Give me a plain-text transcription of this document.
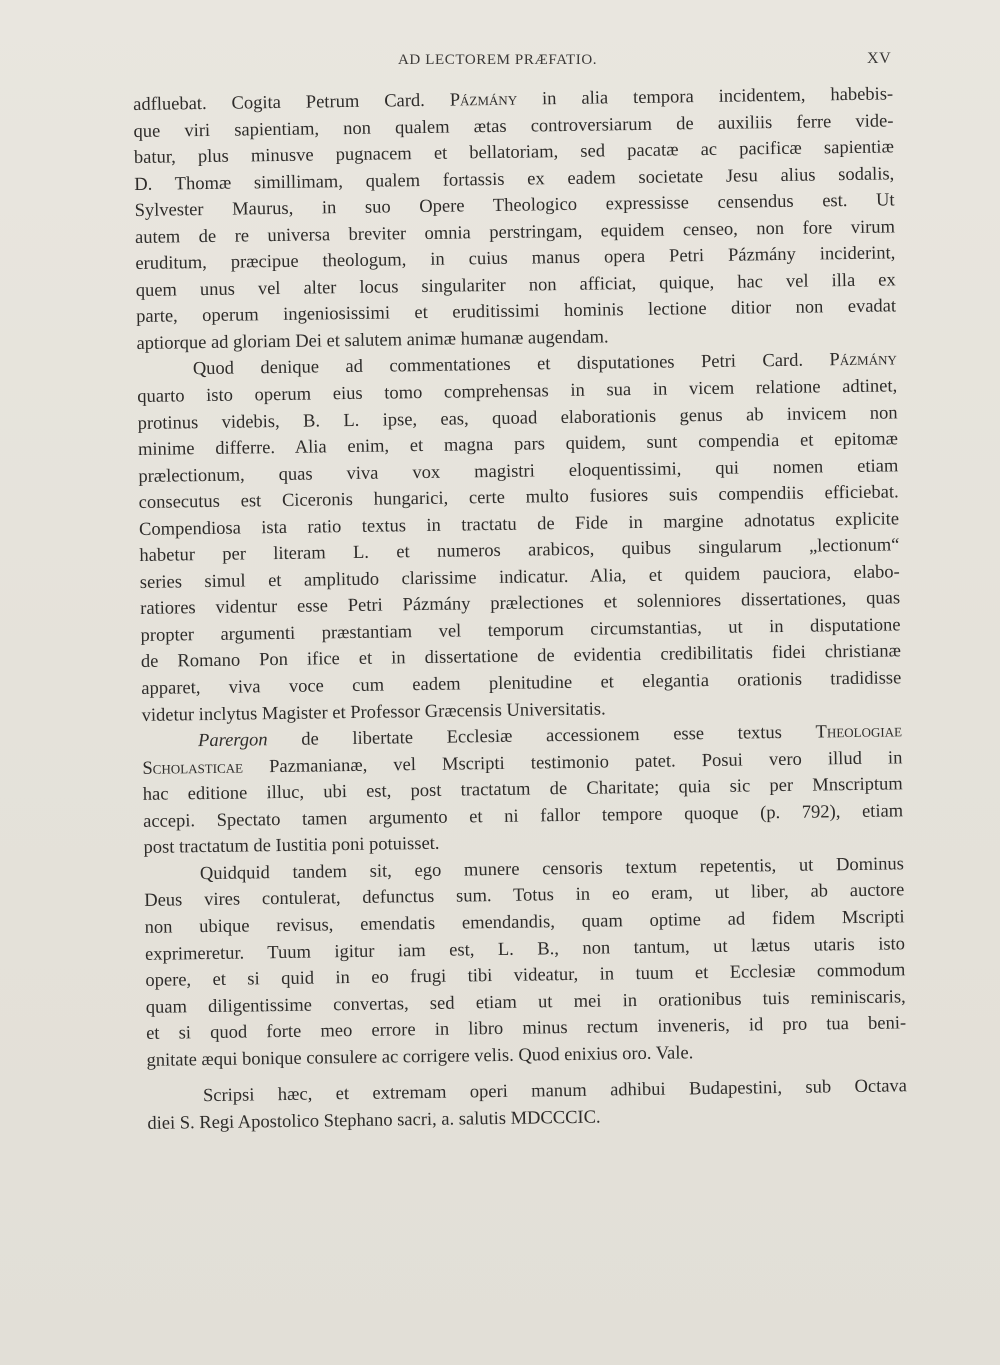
AD LECTOREM PRÆFATIO.	XV
adfluebat. Cogita Petrum Card. Pázmány in alia tempora incidentem, habebis-
que viri sapientiam, non qualem ætas controversiarum de auxiliis ferre vide-
batur, plus minusve pugnacem et bellatoriam, sed pacatæ ac pacificæ sapientiæ
D. Thomæ simillimam, qualem fortassis ex eadem societate Jesu alius sodalis,
Sylvester Maurus, in suo Opere Theologico expressisse censendus est. Ut
autem de re universa breviter omnia perstringam, equidem censeo, non fore virum
eruditum, præcipue theologum, in cuius manus opera Petri Pázmány inciderint,
quem unus vel alter locus singulariter non afficiat, quique, hac vel illa ex
parte, operum ingeniosissimi et eruditissimi hominis lectione ditior non evadat
aptiorque ad gloriam Dei et salutem animæ humanæ augendam.
Quod denique ad commentationes et disputationes Petri Card. Pázmány
quarto isto operum eius tomo comprehensas in sua in vicem relatione adtinet,
protinus videbis, B. L. ipse, eas, quoad elaborationis genus ab invicem non
minime differre. Alia enim, et magna pars quidem, sunt compendia et epitomæ
prælectionum, quas viva vox magistri eloquentissimi, qui nomen etiam
consecutus est Ciceronis hungarici, certe multo fusiores suis compendiis efficiebat.
Compendiosa ista ratio textus in tractatu de Fide in margine adnotatus explicite
habetur per literam L. et numeros arabicos, quibus singularum „lectionum“
series simul et amplitudo clarissime indicatur. Alia, et quidem pauciora, elabo-
ratiores videntur esse Petri Pázmány prælectiones et solenniores dissertationes, quas
propter argumenti præstantiam vel temporum circumstantias, ut in disputatione
de Romano Pon ifice et in dissertatione de evidentia credibilitatis fidei christianæ
apparet, viva voce cum eadem plenitudine et elegantia orationis tradidisse
videtur inclytus Magister et Professor Græcensis Universitatis.
Parergon de libertate Ecclesiæ accessionem esse textus Theologiae
Scholasticae Pazmanianæ, vel Mscripti testimonio patet. Posui vero illud in
hac editione illuc, ubi est, post tractatum de Charitate; quia sic per Mnscriptum
accepi. Spectato tamen argumento et ni fallor tempore quoque (p. 792), etiam
post tractatum de Iustitia poni potuisset.
Quidquid tandem sit, ego munere censoris textum repetentis, ut Dominus
Deus vires contulerat, defunctus sum. Totus in eo eram, ut liber, ab auctore
non ubique revisus, emendatis emendandis, quam optime ad fidem Mscripti
exprimeretur. Tuum igitur iam est, L. B., non tantum, ut lætus utaris isto
opere, et si quid in eo frugi tibi videatur, in tuum et Ecclesiæ commodum
quam diligentissime convertas, sed etiam ut mei in orationibus tuis reminiscaris,
et si quod forte meo errore in libro minus rectum inveneris, id pro tua beni-
gnitate æqui bonique consulere ac corrigere velis. Quod enixius oro. Vale.
Scripsi hæc, et extremam operi manum adhibui Budapestini, sub Octava
diei S. Regi Apostolico Stephano sacri, a. salutis MDCCCIC.
